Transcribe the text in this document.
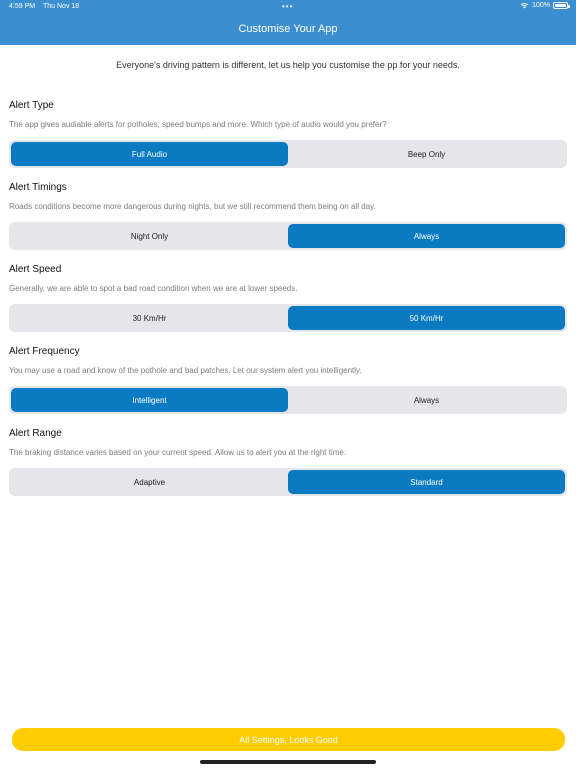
4:59 PM Thu Nov 18	•••	100%
Customise Your App
Everyone's driving pattern is different, let us help you customise the pp for your needs.
Alert Type
The app gives audiable alerts for potholes, speed bumps and more. Which type of audio would you prefer?
Full Audio	Beep Only
Alert Timings
Roads conditions become more dangerous during nights, but we still recommend them being on all day.
Night Only	Always
Alert Speed
Generally, we are able to spot a bad road condition when we are at lower speeds.
30 Km/Hr	50 Km/Hr
Alert Frequency
You may use a road and know of the pothole and bad patches. Let our system alert you intelligently.
Intelligent	Always
Alert Range
The braking distance varies based on your current speed. Allow us to alert you at the right time.
Adaptive	Standard
All Settings, Looks Good
